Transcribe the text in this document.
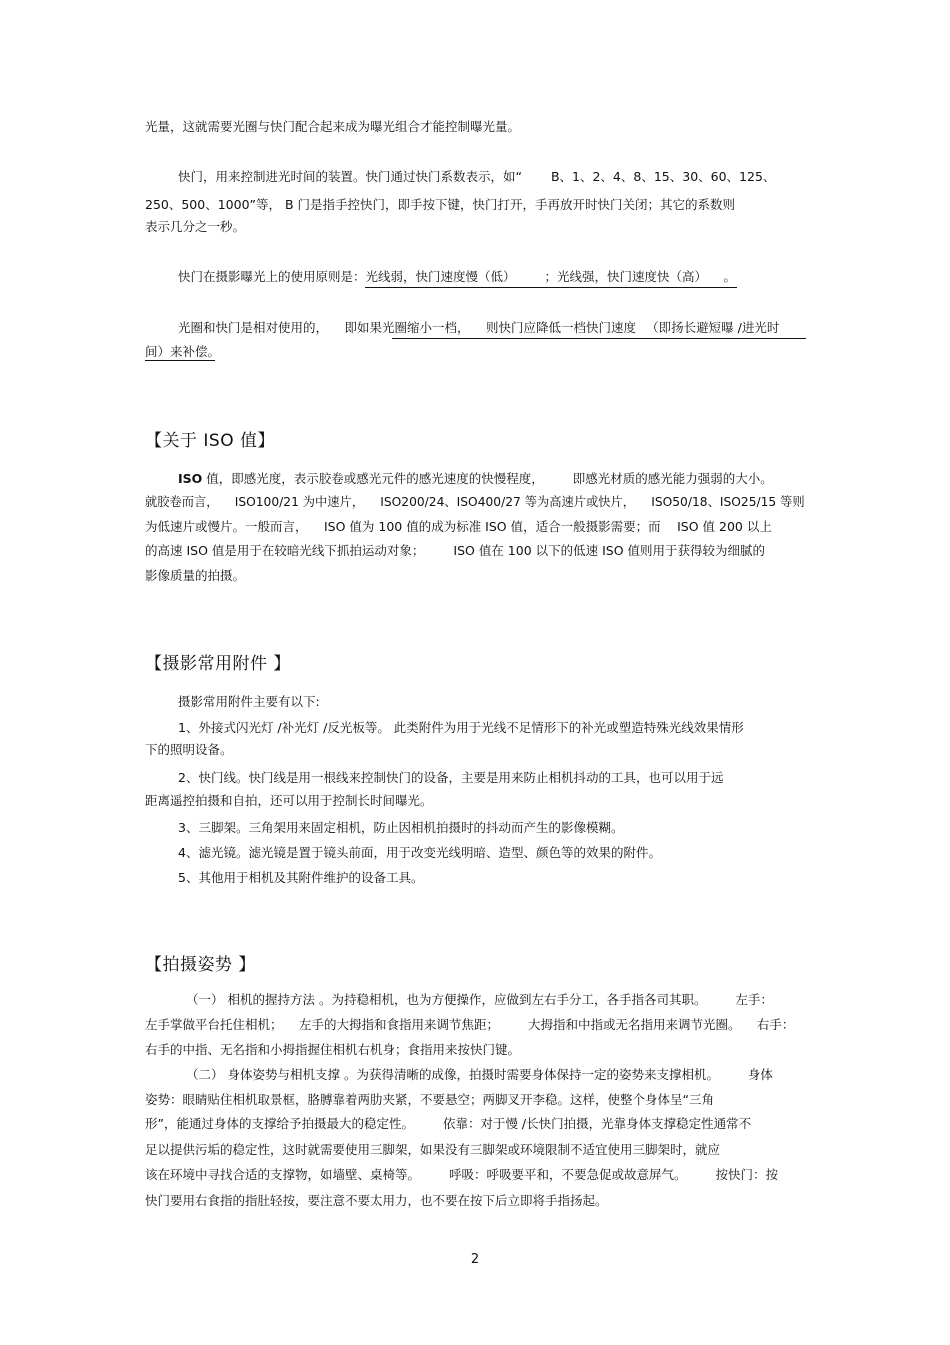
光量，这就需要光圈与快门配合起来成为曝光组合才能控制曝光量。
快门，用来控制进光时间的装置。快门通过快门系数表示，如“ 　　B、1、2、4、8、15、30、60、125、
250、500、1000”等， B 门是指手控快门，即手按下键，快门打开，手再放开时快门关闭；其它的系数则
表示几分之一秒。
快门在摄影曝光上的使用原则是：光线弱，快门速度慢（低） 　　；光线强，快门速度快（高） 　。
光圈和快门是相对使用的， 　即如果光圈缩小一档， 　则快门应降低一档快门速度 　（即扬长避短曝 /进光时
间）来补偿。
【关于 ISO 值】
ISO 值，即感光度，表示胶卷或感光元件的感光速度的快慢程度， 　　即感光材质的感光能力强弱的大小。
就胶卷而言， 　ISO100/21 为中速片， 　ISO200/24、ISO400/27 等为高速片或快片， 　ISO50/18、ISO25/15 等则
为低速片或慢片。一般而言， 　ISO 值为 100 值的成为标准 ISO 值，适合一般摄影需要；而 　ISO 值 200 以上
的高速 ISO 值是用于在较暗光线下抓拍运动对象； 　　ISO 值在 100 以下的低速 ISO 值则用于获得较为细腻的
影像质量的拍摄。
【摄影常用附件 】
摄影常用附件主要有以下:
1、外接式闪光灯 /补光灯 /反光板等。 此类附件为用于光线不足情形下的补光或塑造特殊光线效果情形
下的照明设备。
2、快门线。快门线是用一根线来控制快门的设备，主要是用来防止相机抖动的工具，也可以用于远
距离遥控拍摄和自拍，还可以用于控制长时间曝光。
3、三脚架。三角架用来固定相机，防止因相机拍摄时的抖动而产生的影像模糊。
4、滤光镜。滤光镜是置于镜头前面，用于改变光线明暗、造型、颜色等的效果的附件。
5、其他用于相机及其附件维护的设备工具。
【拍摄姿势 】
（一） 相机的握持方法 。为持稳相机，也为方便操作，应做到左右手分工，各手指各司其职。 　　左手：
左手掌做平台托住相机； 　左手的大拇指和食指用来调节焦距； 　　大拇指和中指或无名指用来调节光圈。 　右手：
右手的中指、无名指和小拇指握住相机右机身；食指用来按快门键。
（二） 身体姿势与相机支撑 。为获得清晰的成像，拍摄时需要身体保持一定的姿势来支撑相机。 　　身体
姿势：眼睛贴住相机取景框，胳膊靠着两肋夹紧，不要悬空；两脚叉开李稳。这样，使整个身体呈“三角
形”，能通过身体的支撑给予拍摄最大的稳定性。 　　依靠：对于慢 /长快门拍摄，光靠身体支撑稳定性通常不
足以提供污垢的稳定性，这时就需要使用三脚架，如果没有三脚架或环境限制不适宜使用三脚架时，就应
该在环境中寻找合适的支撑物，如墙壁、桌椅等。 　　呼吸：呼吸要平和，不要急促或故意屏气。 　　按快门：按
快门要用右食指的指肚轻按，要注意不要太用力，也不要在按下后立即将手指扬起。
2
